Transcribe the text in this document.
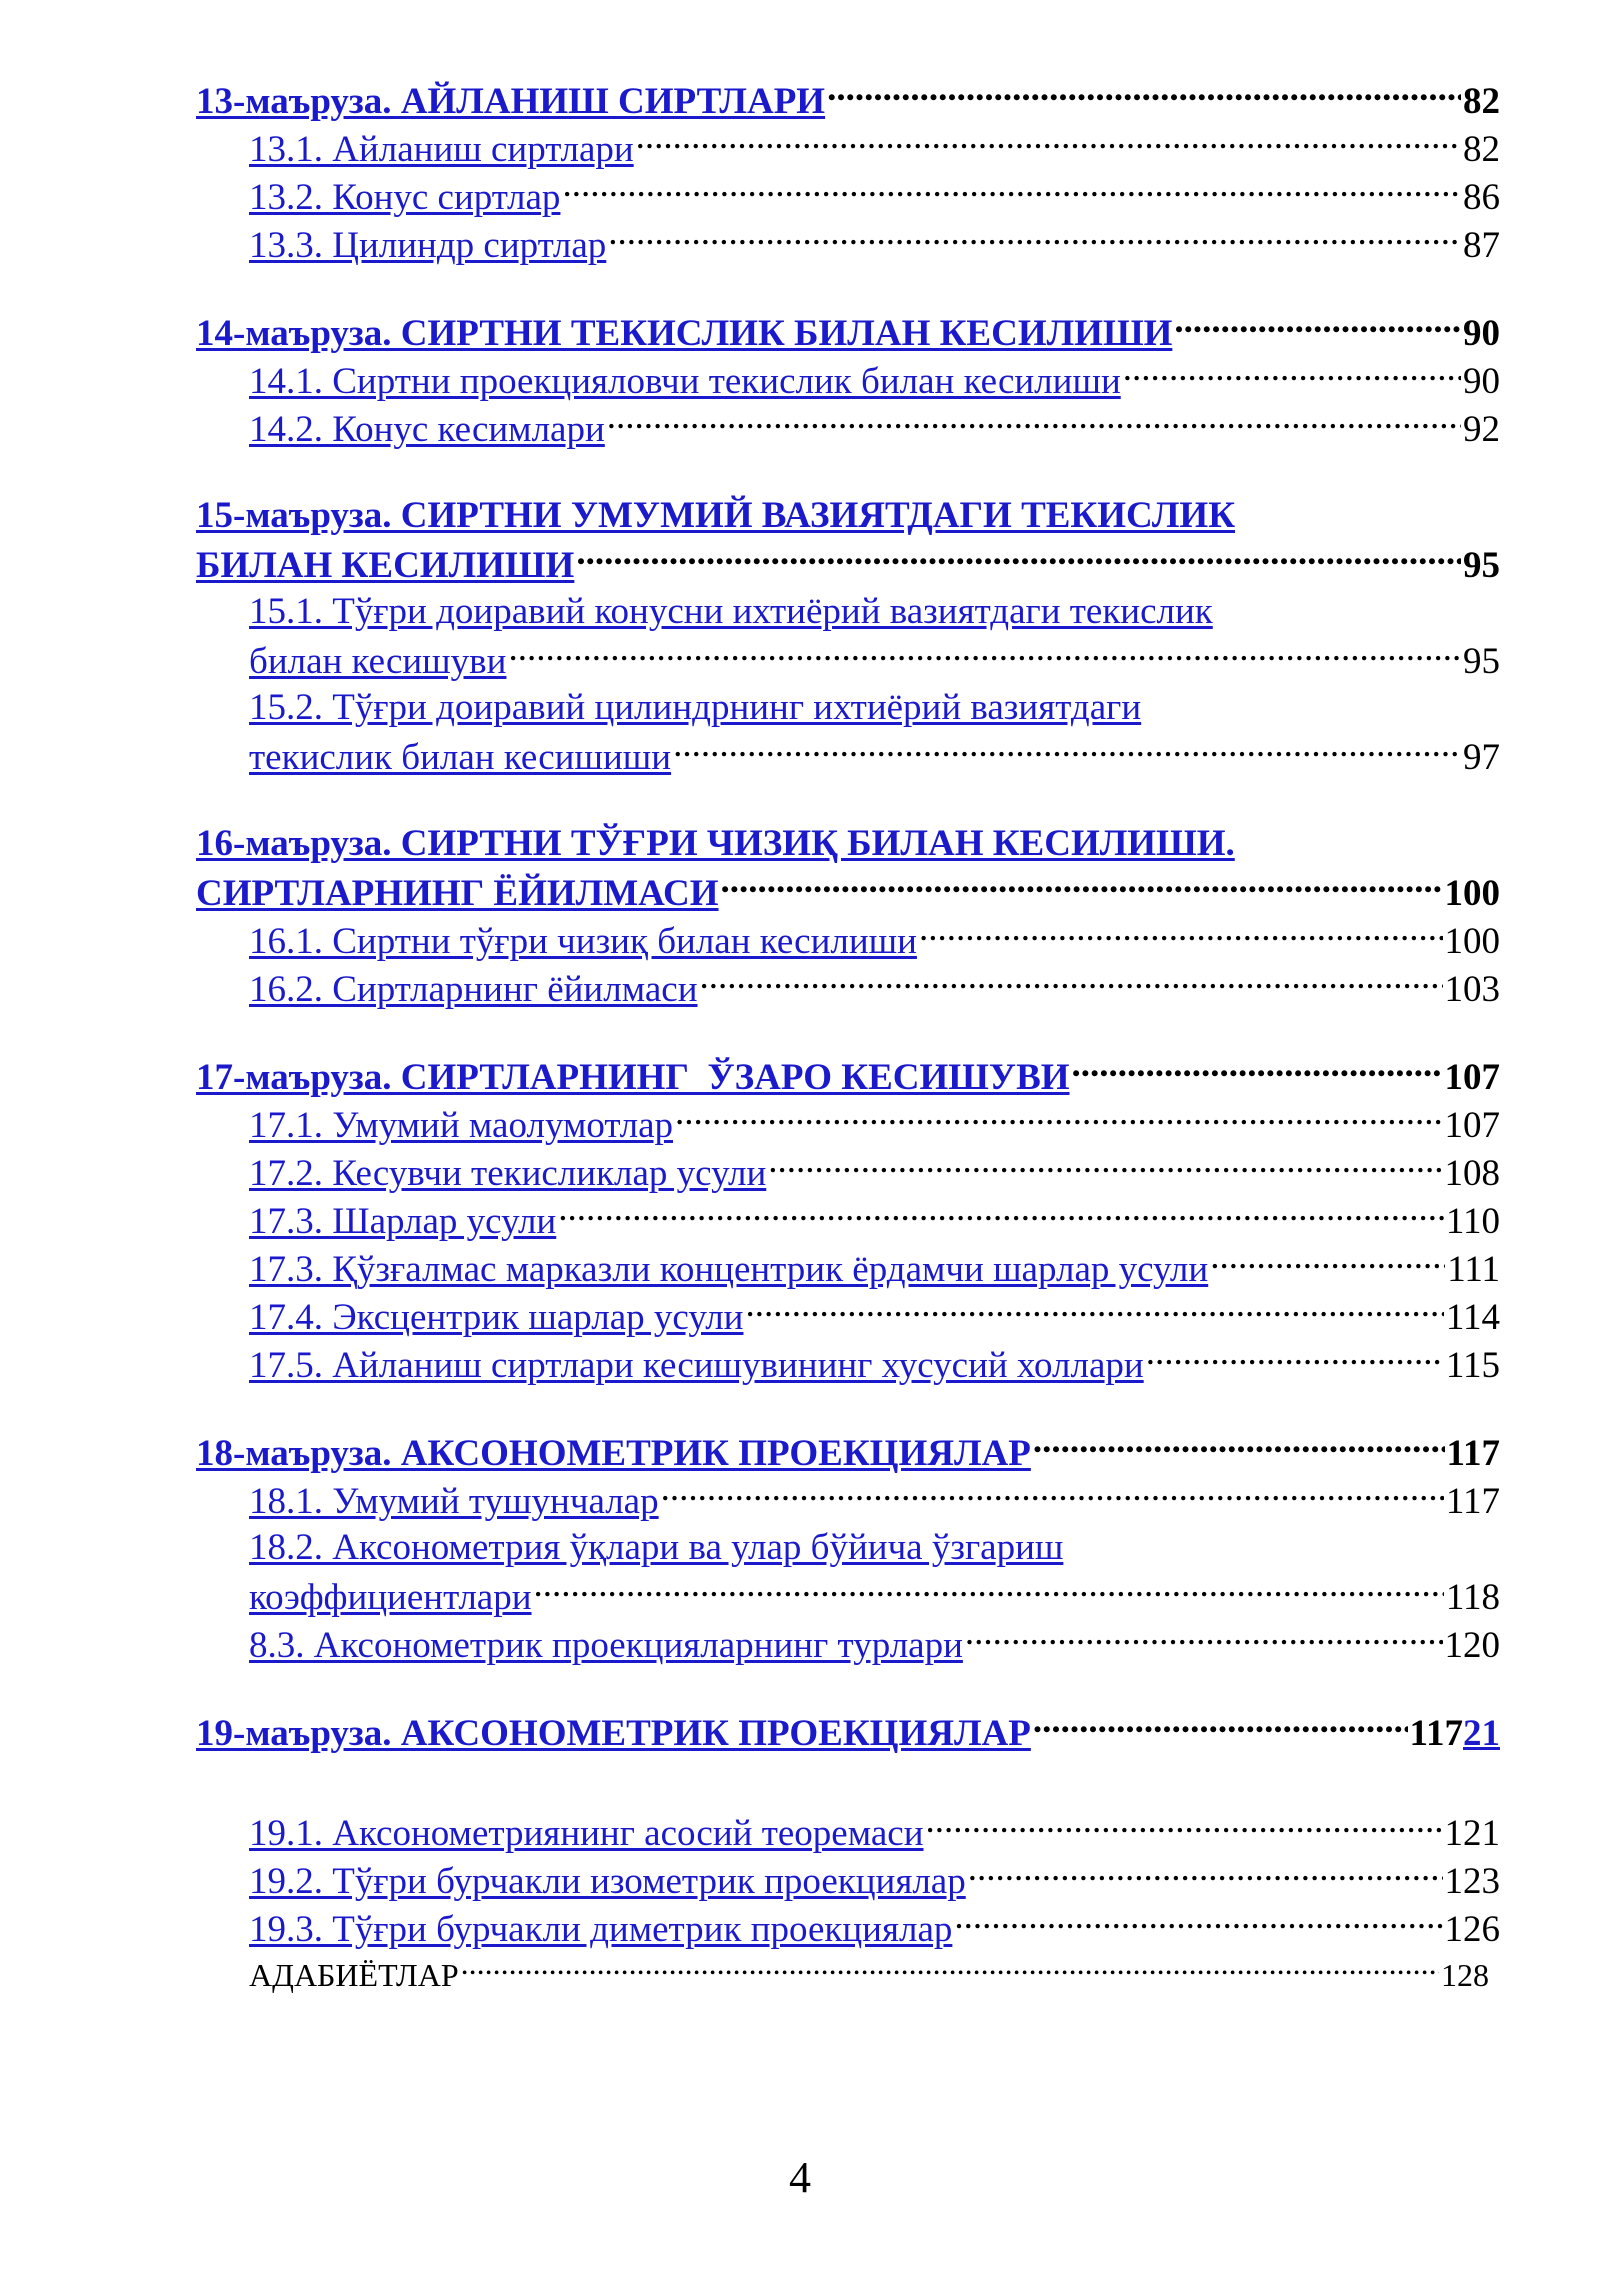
13-маъруза. АЙЛАНИШ СИРТЛАРИ .....	82
13.1. Айланиш сиртлари .....	82
13.2. Конус сиртлар .....	86
13.3. Цилиндр сиртлар .....	87
14-маъруза. СИРТНИ ТЕКИСЛИК БИЛАН КЕСИЛИШИ .....	90
14.1. Сиртни проекцияловчи текислик билан кесилиши .....	90
14.2. Конус кесимлари .....	92
15-маъруза. СИРТНИ УМУМИЙ ВАЗИЯТДАГИ ТЕКИСЛИК
БИЛАН КЕСИЛИШИ .....	95
15.1. Тўғри доиравий конусни ихтиёрий вазиятдаги текислик
билан кесишуви .....	95
15.2. Тўғри доиравий цилиндрнинг ихтиёрий вазиятдаги
текислик билан кесишиши .....	97
16-маъруза. СИРТНИ ТЎҒРИ ЧИЗИҚ БИЛАН КЕСИЛИШИ.
СИРТЛАРНИНГ ЁЙИЛМАСИ .....	100
16.1. Сиртни тўғри чизиқ билан кесилиши .....	100
16.2. Сиртларнинг ёйилмаси .....	103
17-маъруза. СИРТЛАРНИНГ  ЎЗАРО КЕСИШУВИ .....	107
17.1. Умумий маолумотлар .....	107
17.2. Кесувчи текисликлар усули .....	108
17.3. Шарлар усули .....	110
17.3. Қўзғалмас марказли концентрик ёрдамчи шарлар усули .....	111
17.4. Эксцентрик шарлар усули .....	114
17.5. Айланиш сиртлари кесишувининг хусусий холлари .....	115
18-маъруза. АКСОНОМЕТРИК ПРОЕКЦИЯЛАР .....	117
18.1. Умумий тушунчалар .....	117
18.2. Аксонометрия ўқлари ва улар бўйича ўзгариш
коэффициентлари .....	118
8.3. Аксонометрик проекцияларнинг турлари .....	120
19-маъруза. АКСОНОМЕТРИК ПРОЕКЦИЯЛАР .....	11721
19.1. Аксонометриянинг асосий теоремаси .....	121
19.2. Тўғри бурчакли изометрик проекциялар .....	123
19.3. Тўғри бурчакли диметрик проекциялар .....	126
АДАБИЁТЛАР .....	128
4
